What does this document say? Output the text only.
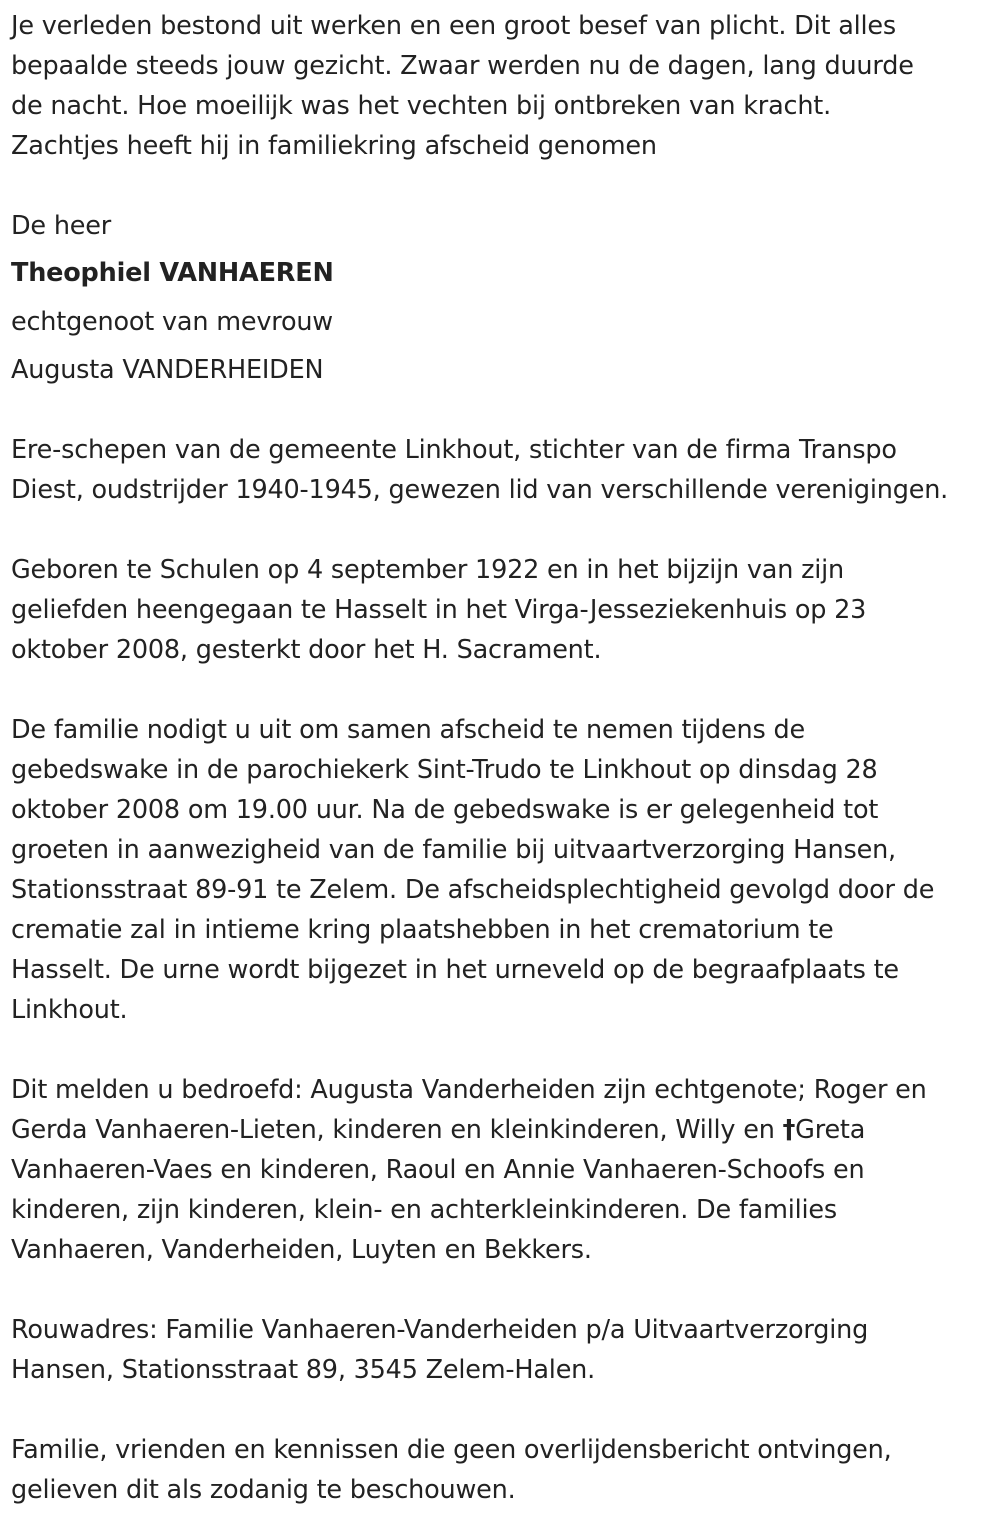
Je verleden bestond uit werken en een groot besef van plicht. Dit alles
bepaalde steeds jouw gezicht. Zwaar werden nu de dagen, lang duurde
de nacht. Hoe moeilijk was het vechten bij ontbreken van kracht.
Zachtjes heeft hij in familiekring afscheid genomen

De heer

Theophiel VANHAEREN

echtgenoot van mevrouw

Augusta VANDERHEIDEN

Ere-schepen van de gemeente Linkhout, stichter van de firma Transpo
Diest, oudstrijder 1940-1945, gewezen lid van verschillende verenigingen.

Geboren te Schulen op 4 september 1922 en in het bijzijn van zijn
geliefden heengegaan te Hasselt in het Virga-Jesseziekenhuis op 23
oktober 2008, gesterkt door het H. Sacrament.

De familie nodigt u uit om samen afscheid te nemen tijdens de
gebedswake in de parochiekerk Sint-Trudo te Linkhout op dinsdag 28
oktober 2008 om 19.00 uur. Na de gebedswake is er gelegenheid tot
groeten in aanwezigheid van de familie bij uitvaartverzorging Hansen,
Stationsstraat 89-91 te Zelem. De afscheidsplechtigheid gevolgd door de
crematie zal in intieme kring plaatshebben in het crematorium te
Hasselt. De urne wordt bijgezet in het urneveld op de begraafplaats te
Linkhout.

Dit melden u bedroefd: Augusta Vanderheiden zijn echtgenote; Roger en
Gerda Vanhaeren-Lieten, kinderen en kleinkinderen, Willy en †Greta
Vanhaeren-Vaes en kinderen, Raoul en Annie Vanhaeren-Schoofs en
kinderen, zijn kinderen, klein- en achterkleinkinderen. De families
Vanhaeren, Vanderheiden, Luyten en Bekkers.

Rouwadres: Familie Vanhaeren-Vanderheiden p/a Uitvaartverzorging
Hansen, Stationsstraat 89, 3545 Zelem-Halen.

Familie, vrienden en kennissen die geen overlijdensbericht ontvingen,
gelieven dit als zodanig te beschouwen.
